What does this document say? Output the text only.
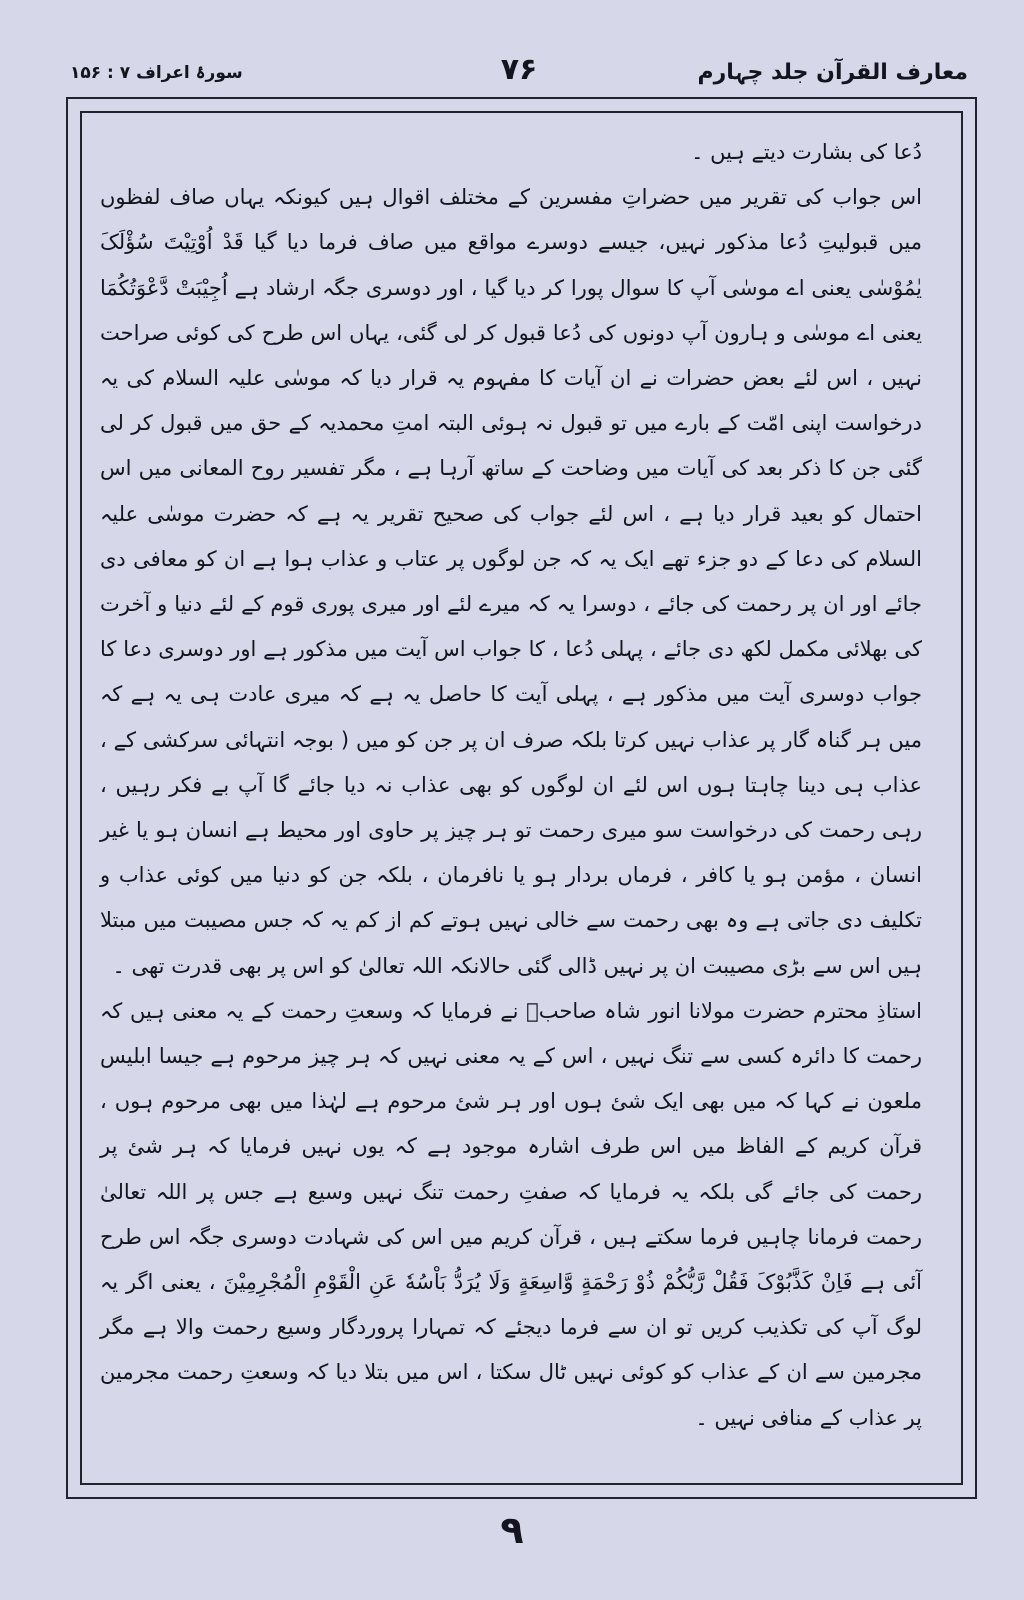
سورۂ اعراف ۷ : ۱۵۶	۷۶	معارف القرآن جلد چہارم

دُعا کی بشارت دیتے ہیں ۔

اس جواب کی تقریر میں حضراتِ مفسرین کے مختلف اقوال ہیں کیونکہ یہاں صاف لفظوں میں قبولیتِ دُعا مذکور نہیں، جیسے دوسرے مواقع میں صاف فرما دیا گیا قَدْ اُوْتِیْتَ سُؤْلَکَ یٰمُوْسٰی یعنی اے موسٰی آپ کا سوال پورا کر دیا گیا ، اور دوسری جگہ ارشاد ہے اُجِیْبَتْ دَّعْوَتُکُمَا یعنی اے موسٰی و ہارون آپ دونوں کی دُعا قبول کر لی گئی، یہاں اس طرح کی کوئی صراحت نہیں ، اس لئے بعض حضرات نے ان آیات کا مفہوم یہ قرار دیا کہ موسٰی علیہ السلام کی یہ درخواست اپنی امّت کے بارے میں تو قبول نہ ہوئی البتہ امتِ محمدیہ کے حق میں قبول کر لی گئی جن کا ذکر بعد کی آیات میں وضاحت کے ساتھ آرہا ہے ، مگر تفسیر روح المعانی میں اس احتمال کو بعید قرار دیا ہے ، اس لئے جواب کی صحیح تقریر یہ ہے کہ حضرت موسٰی علیہ السلام کی دعا کے دو جزء تھے ایک یہ کہ جن لوگوں پر عتاب و عذاب ہوا ہے ان کو معافی دی جائے اور ان پر رحمت کی جائے ، دوسرا یہ کہ میرے لئے اور میری پوری قوم کے لئے دنیا و آخرت کی بھلائی مکمل لکھ دی جائے ، پہلی دُعا ، کا جواب اس آیت میں مذکور ہے اور دوسری دعا کا جواب دوسری آیت میں مذکور ہے ، پہلی آیت کا حاصل یہ ہے کہ میری عادت ہی یہ ہے کہ میں ہر گناہ گار پر عذاب نہیں کرتا بلکہ صرف ان پر جن کو میں ( بوجہ انتہائی سرکشی کے ، عذاب ہی دینا چاہتا ہوں اس لئے ان لوگوں کو بھی عذاب نہ دیا جائے گا آپ بے فکر رہیں ، رہی رحمت کی درخواست سو میری رحمت تو ہر چیز پر حاوی اور محیط ہے انسان ہو یا غیر انسان ، مؤمن ہو یا کافر ، فرماں بردار ہو یا نافرمان ، بلکہ جن کو دنیا میں کوئی عذاب و تکلیف دی جاتی ہے وہ بھی رحمت سے خالی نہیں ہوتے کم از کم یہ کہ جس مصیبت میں مبتلا ہیں اس سے بڑی مصیبت ان پر نہیں ڈالی گئی حالانکہ اللہ تعالیٰ کو اس پر بھی قدرت تھی ۔

استاذِ محترم حضرت مولانا انور شاہ صاحبؒ نے فرمایا کہ وسعتِ رحمت کے یہ معنی ہیں کہ رحمت کا دائرہ کسی سے تنگ نہیں ، اس کے یہ معنی نہیں کہ ہر چیز مرحوم ہے جیسا ابلیس ملعون نے کہا کہ میں بھی ایک شئ ہوں اور ہر شئ مرحوم ہے لہٰذا میں بھی مرحوم ہوں ، قرآن کریم کے الفاظ میں اس طرف اشارہ موجود ہے کہ یوں نہیں فرمایا کہ ہر شئ پر رحمت کی جائے گی بلکہ یہ فرمایا کہ صفتِ رحمت تنگ نہیں وسیع ہے جس پر اللہ تعالیٰ رحمت فرمانا چاہیں فرما سکتے ہیں ، قرآن کریم میں اس کی شہادت دوسری جگہ اس طرح آئی ہے فَاِنْ کَذَّبُوْکَ فَقُلْ رَّبُّکُمْ ذُوْ رَحْمَةٍ وَّاسِعَةٍ وَلَا یُرَدُّ بَاْسُهٗ عَنِ الْقَوْمِ الْمُجْرِمِیْنَ ، یعنی اگر یہ لوگ آپ کی تکذیب کریں تو ان سے فرما دیجئے کہ تمہارا پروردگار وسیع رحمت والا ہے مگر مجرمین سے ان کے عذاب کو کوئی نہیں ٹال سکتا ، اس میں بتلا دیا کہ وسعتِ رحمت مجرمین پر عذاب کے منافی نہیں ۔

۹
